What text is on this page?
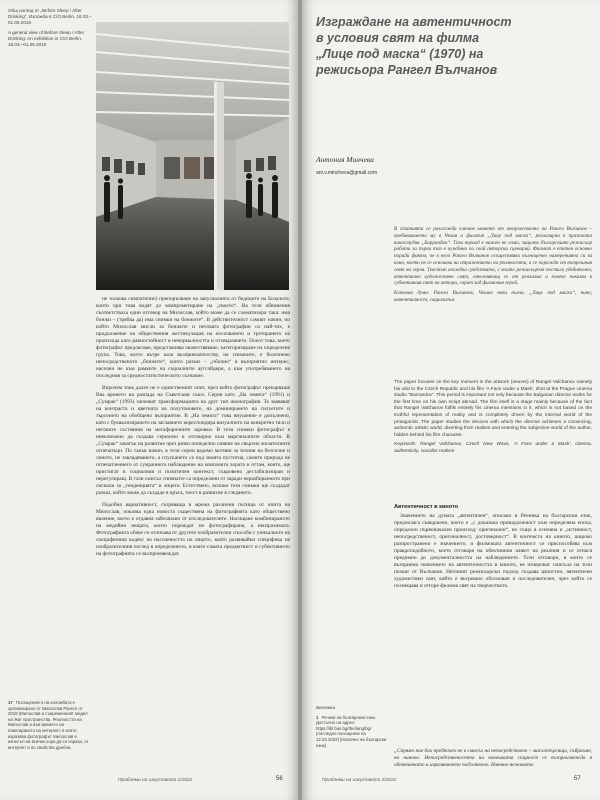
Общ изглед от „Before Sleep / After Drinking“, Изложба в C/O Berlin, 18.03.–01.06.2019

A general view of Before Sleep / After Drinking: An exhibition in C/O Berlin, 18.03.–01.06.2019

не толкова симпатично) препоръчване на закусвалнята от беднците на Бозалите, които при това водят до компрометиране на „своето“. На тези обвинения съответстваха един отговор на Милослав, който може да се схематизира така: има бонжи – (трябва да) има снимки на бонжите“. В действителност самият начин, по който Милослав мисли за бонжите и неговата фотографии са най-тих, е продължение на обществения жестикулация на посочването и третирането на произхода като равностойност в ненормалността и отхвърлянето. Поеот това, което фотографът предлагаме, представлява окачествяване, категоризиране на определена група. Това, което вътре каза възприемателству, на снимките, е болезнено непосредственото „бонжите“, които разказ – „обилно“ и възприятно интерес, насочен не към рамките на социалните аутсайдери, а към употребяването на последния за средностатистическото съзнание.

Впрочем това далеч не е единственият опит, през който фотографът прекарваше Вва времето на разпада на Съветския съюз. Серия като „На земята“ (1991) и „Сумрак“ (1993) започват трансформацията на друг тип иконография. Те заявяват на контраста и цветната на полутоновете, на доминирането на силуетите и търсенето на обобщено възприятие. В „На земята“ това внушение е допълнено, като с буквализирането на заглавието кореспондира визуалното на конкретно тяло и неговите състояния на метафоричните заровки. В тези снимки фотографът е невъзможно да създава сериозно и отговорно към маргиналните области. В „Сумрак“ зачатък на развитие чрез рязко понеделно сияние на свърхно желателните отпечатъци. По такъв начин, в тези серии вадемо мотиви за техния на безсилие и лоното, не завладяването, а спускането се под земята пустотна, самите природа не отпечатлението от сумрачното наблюдение на комплекта хората и оттам, които, ще пристигат в социалния и политичен контекст, съкровено дестабилизиран и нерегулиращ. В тази смисъл снимките са определени от заради неразбираемото при сигнали за „тенденцията“ в лицето. Естествено, всички тези снимки ще създадат разказ, който може да създаде в кръга, тоест в развитие в гледането.

Подобна вариативност, съзряваща в мрежа различни пътища от опита на Милослав, показва една новоста съществена на фотографията като обществено явление, което е отдавна забелязано от изследователите. Насищане комбинираното на медийни нещата, които порождат не фотографирана, а неизразимата. Фотографията обаче се отличава от другите изобразителни способи с уникалното на специфичния кодекс на насочеността на лицето, която развивайки специфика на изобразителния поглед в определеното, в която самата предметност и субективното на фотографията се възпроизвеждат.

17 Посещението на изложбата е организирано от Милослав Рангел от 2019 (Милослав и съвременният модел на Жиг пространства. Реалността на Милослав и във времето на пакетирането на интернет, в която изразява фотографът Милослав е изнесъл на всички хора да се изрази, от интернет и по свойства дребна.
Проблеми на изкуството 2/2022	56
Изграждане на автентичност в условия свят на филма „Лице под маска“ (1970) на режисьора Рангел Вълчанов
Антония Минчева
ant.v.mincheva@gmail.com
В статията се разглежда ключов момент от творчеството на Рангел Вълчанов – пребиваването му в Чехия и филмът „Лице под маска“, реализиран в пражката киностудия „Баррандов“. Този период е важен не само, защото българският режисьор работи за първи път в чужбина по свой авторски сценарий. Филмът е етапен основно поради факта, че в него Рангел Вълчанов осъществява пълноценно намеренията си за кино, което не се основава на отражението на реалността, а се поражда от вътрешния свят на героя. Текстът изследва средствата, с които режисьорът постига убедителен, автентичен художествен свят, отклоняващ се от реализма и повече показва в субективния свят на автора, скрит зад филмовия герой.
Ключови думи: Рангел Вълчанов, Чешка нова вълна, „Лице под маска“, кино, автентичност, социализъм
The paper focuses on the key moment in the artwork (oeuvre) of Rangel Valchanov namely his visit to the Czech Republic and his film 'A Face under a Mask', shot at the Prague cinema studio "Barrandov". This period is important not only because the Bulgarian director works for the first time on his own script abroad. The film itself is a stage mainly because of the fact that Rangel Valchanov fulfils entirely his cinema intentions in it, which is not based on the truthful representation of reality and is completely driven by the internal world of the protagonist. The paper studies the devices with which the director achieves a convincing, authentic artistic world, diverting from realism and entering the subjective world of the author, hidden behind his film character.
Keywords: Rangel Valchanov, Czech New Wave, 'A Face under a Mask', cinema, authenticity, socialist realism
Автентичност в киното

Значението на думата „автентичен“, описано в Речника на българския език, предполага съвършено, което е „с доказана принадлежност към определена епоха, определен първоначален произход; оригинален“, но също в основна и „истинност, непосредственост, оригиналност, достоверност“. В контекста на киното, широко разпространено е значението, и филмовата автентичност се приспособява към правдоподобното, което отговаря на обективния живот на реалния и се отнася предимно до документалността на наблюдението. Тези отговори, в които се възприема значението на автентичността в киното, не изчерпват смисъла на този похват от Вълчанов. Неговият режисьорски подход създава цялостен, автентичен художествен свят, който е вътрешно обоснован и последователен, чрез който се посвещава и отгоре филмов свят на творчеството.

Бележки
1 Речник на българския език. Достъпно на адрес: https://ibl.bas.bg/rbe/lang/bg/ (последно посещение на 12.03.2022) [Налично на български език].
„Спрямо ние бих предпочел не в смисъл на непосредствено – маслотърсящо, събрахме, но наново. Непосредствеността на човешката същност се възпроизвежда в обективното и изразяването подготвено. Именно неживото
Проблеми на изкуството 2/2022	57
